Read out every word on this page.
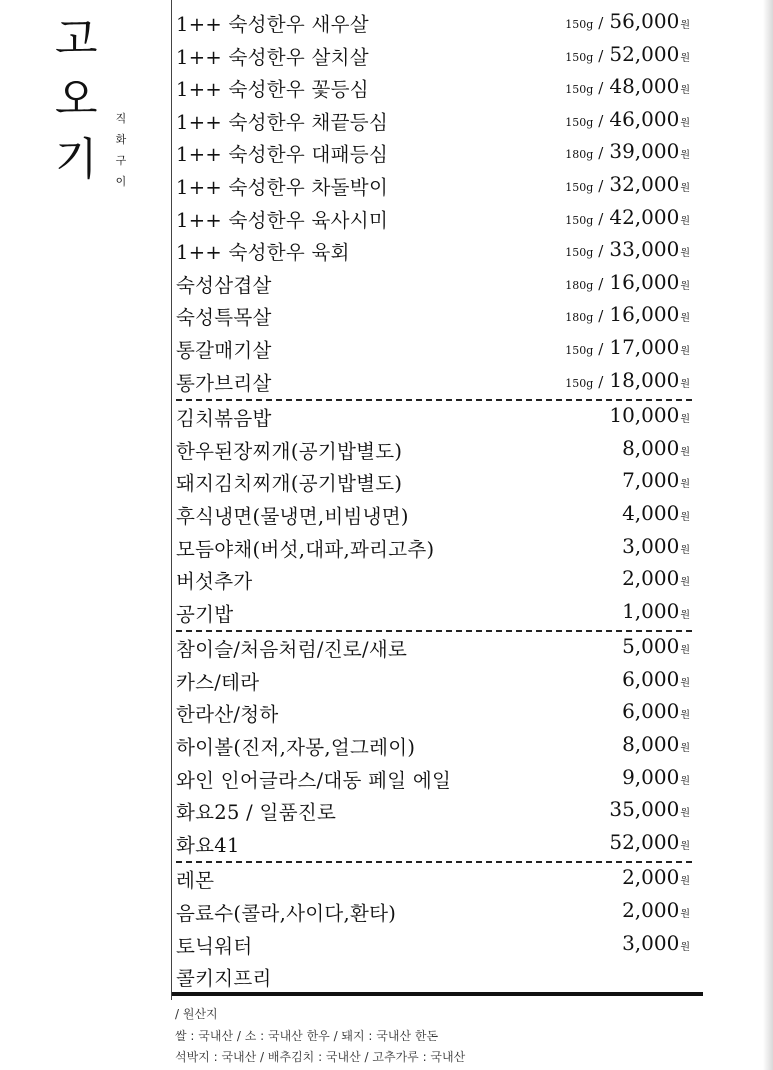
고
오
기
직
화
구
이
1++ 숙성한우 새우살	150g / 56,000원
1++ 숙성한우 살치살	150g / 52,000원
1++ 숙성한우 꽃등심	150g / 48,000원
1++ 숙성한우 채끝등심	150g / 46,000원
1++ 숙성한우 대패등심	180g / 39,000원
1++ 숙성한우 차돌박이	150g / 32,000원
1++ 숙성한우 육사시미	150g / 42,000원
1++ 숙성한우 육회	150g / 33,000원
숙성삼겹살	180g / 16,000원
숙성특목살	180g / 16,000원
통갈매기살	150g / 17,000원
통가브리살	150g / 18,000원
김치볶음밥	10,000원
한우된장찌개(공기밥별도)	8,000원
돼지김치찌개(공기밥별도)	7,000원
후식냉면(물냉면,비빔냉면)	4,000원
모듬야채(버섯,대파,꽈리고추)	3,000원
버섯추가	2,000원
공기밥	1,000원
참이슬/처음처럼/진로/새로	5,000원
카스/테라	6,000원
한라산/청하	6,000원
하이볼(진저,자몽,얼그레이)	8,000원
와인 인어글라스/대동 페일 에일	9,000원
화요25 / 일품진로	35,000원
화요41	52,000원
레몬	2,000원
음료수(콜라,사이다,환타)	2,000원
토닉워터	3,000원
콜키지프리
/ 원산지
쌀 : 국내산 / 소 : 국내산 한우 / 돼지 : 국내산 한돈
석박지 : 국내산 / 배추김치 : 국내산 / 고추가루 : 국내산
